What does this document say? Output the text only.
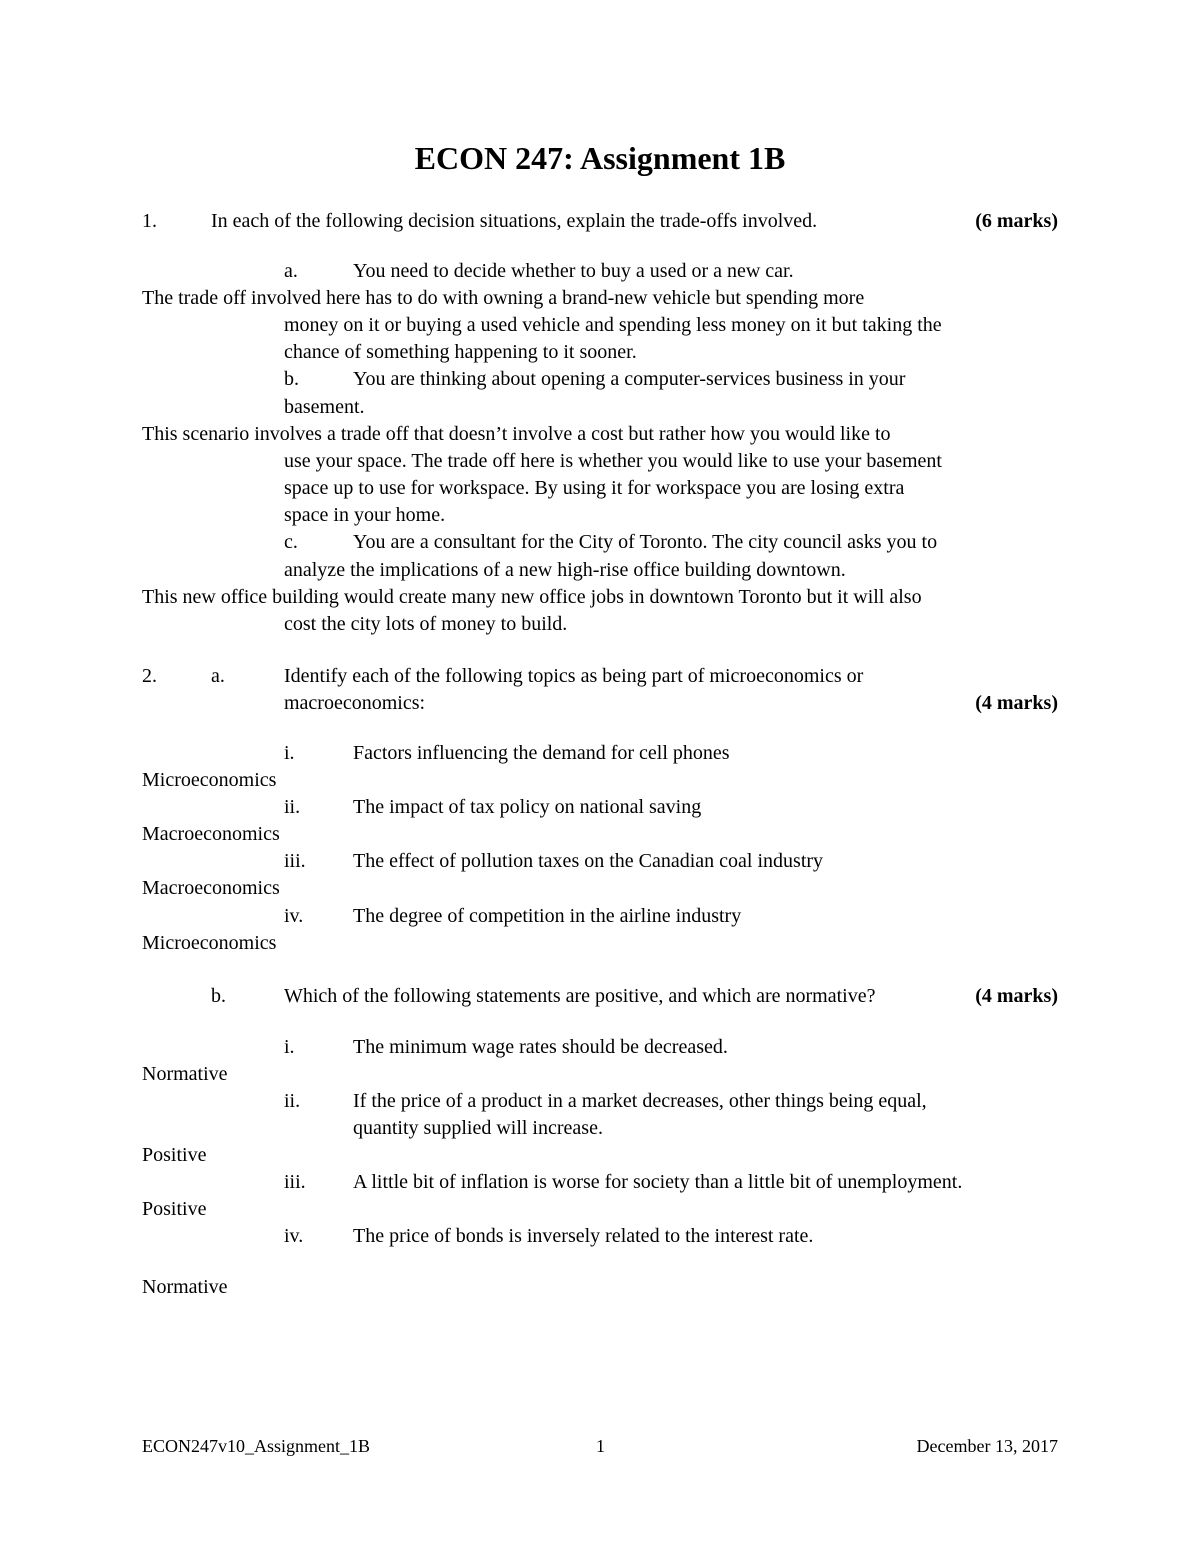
ECON 247: Assignment 1B
1.	In each of the following decision situations, explain the trade-offs involved.	(6 marks)
a.	You need to decide whether to buy a used or a new car.
The trade off involved here has to do with owning a brand-new vehicle but spending more
money on it or buying a used vehicle and spending less money on it but taking the
chance of something happening to it sooner.
b.	You are thinking about opening a computer-services business in your
basement.
This scenario involves a trade off that doesn’t involve a cost but rather how you would like to
use your space. The trade off here is whether you would like to use your basement
space up to use for workspace. By using it for workspace you are losing extra
space in your home.
c.	You are a consultant for the City of Toronto. The city council asks you to
analyze the implications of a new high-rise office building downtown.
This new office building would create many new office jobs in downtown Toronto but it will also
cost the city lots of money to build.
2.	a.	Identify each of the following topics as being part of microeconomics or
macroeconomics:	(4 marks)
i.	Factors influencing the demand for cell phones
Microeconomics
ii.	The impact of tax policy on national saving
Macroeconomics
iii. The effect of pollution taxes on the Canadian coal industry
Macroeconomics
iv. The degree of competition in the airline industry
Microeconomics
b.	Which of the following statements are positive, and which are normative?	(4 marks)
i.	The minimum wage rates should be decreased.
Normative
ii.	If the price of a product in a market decreases, other things being equal,
quantity supplied will increase.
Positive
iii. A little bit of inflation is worse for society than a little bit of unemployment.
Positive
iv. The price of bonds is inversely related to the interest rate.
Normative
ECON247v10_Assignment_1B	1	December 13, 2017
